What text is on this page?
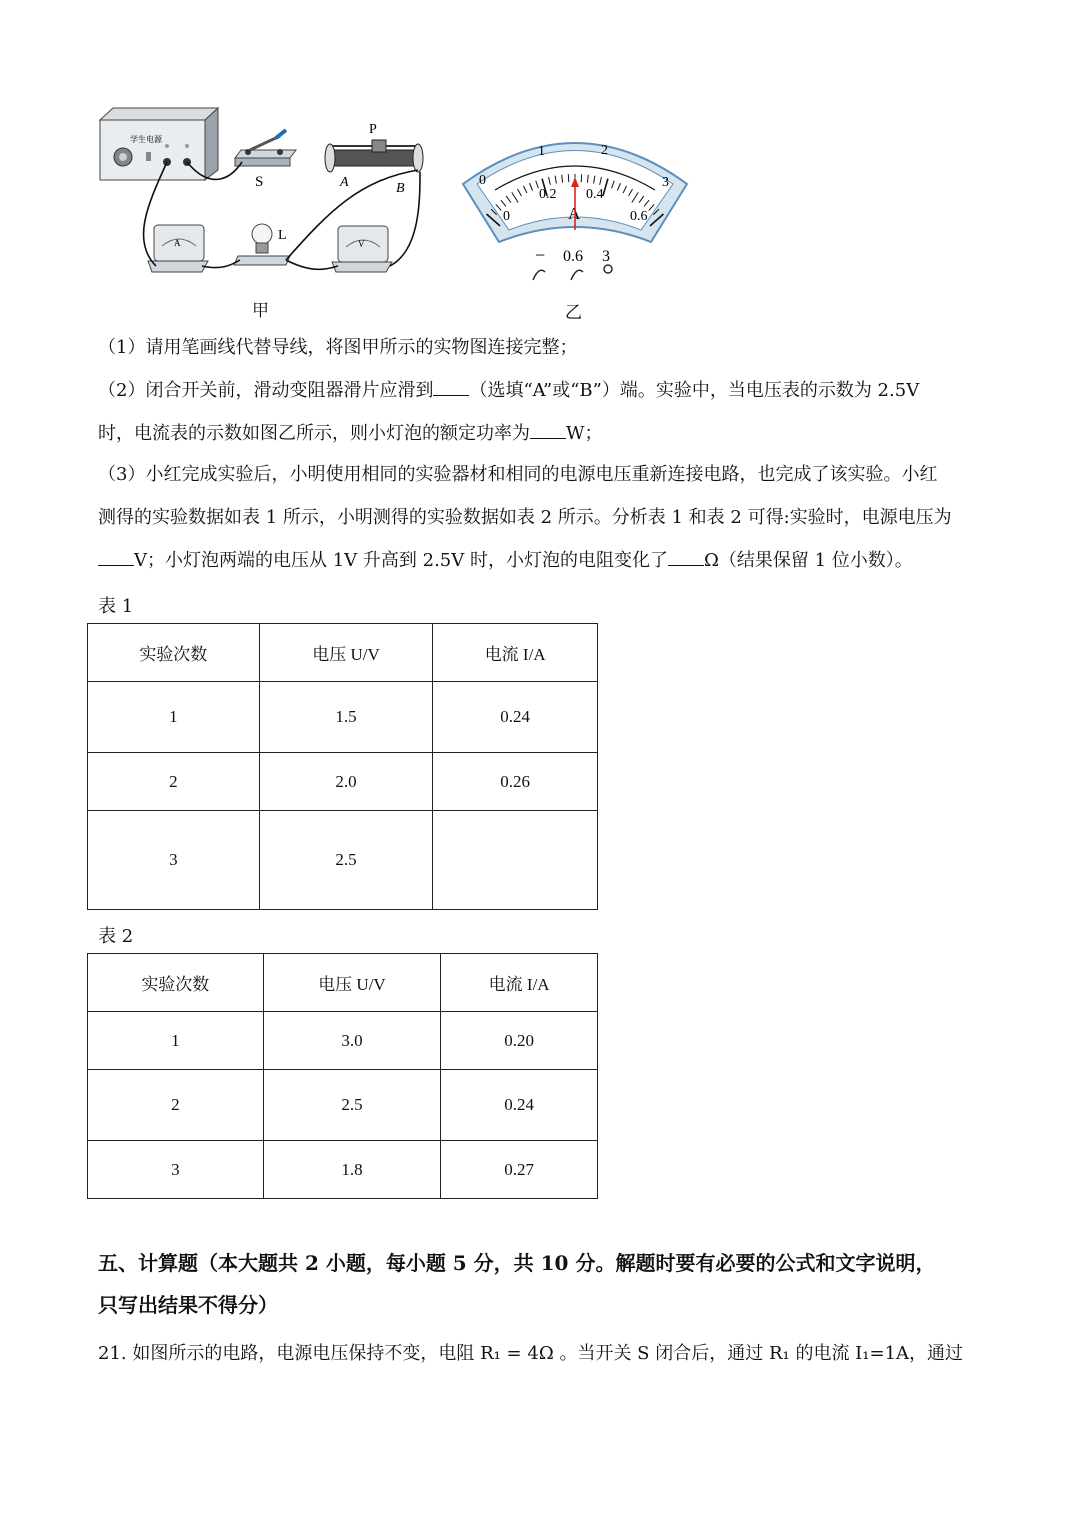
学生电源
S
P
A	B
A	L
V
甲
0
1	2
3
0
0.2 0.4
0.6
A
− 0.6 3
乙
（1）请用笔画线代替导线，将图甲所示的实物图连接完整；
（2）闭合开关前，滑动变阻器滑片应滑到 （选填“A”或“B”）端。实验中，当电压表的示数为 2.5V
时，电流表的示数如图乙所示，则小灯泡的额定功率为 W；
（3）小红完成实验后，小明使用相同的实验器材和相同的电源电压重新连接电路，也完成了该实验。小红
测得的实验数据如表 1 所示，小明测得的实验数据如表 2 所示。分析表 1 和表 2 可得:实验时，电源电压为
V；小灯泡两端的电压从 1V 升高到 2.5V 时，小灯泡的电阻变化了 Ω（结果保留 1 位小数）。
表 1
实验次数	电压 U/V	电流 I/A
1	1.5	0.24
2	2.0	0.26
3	2.5	
表 2
实验次数	电压 U/V	电流 I/A
1	3.0	0.20
2	2.5	0.24
3	1.8	0.27
五、计算题（本大题共 2 小题，每小题 5 分，共 10 分。解题时要有必要的公式和文字说明，
只写出结果不得分）
21. 如图所示的电路，电源电压保持不变，电阻 R₁ = 4Ω 。当开关 S 闭合后，通过 R₁ 的电流 I₁=1A，通过
